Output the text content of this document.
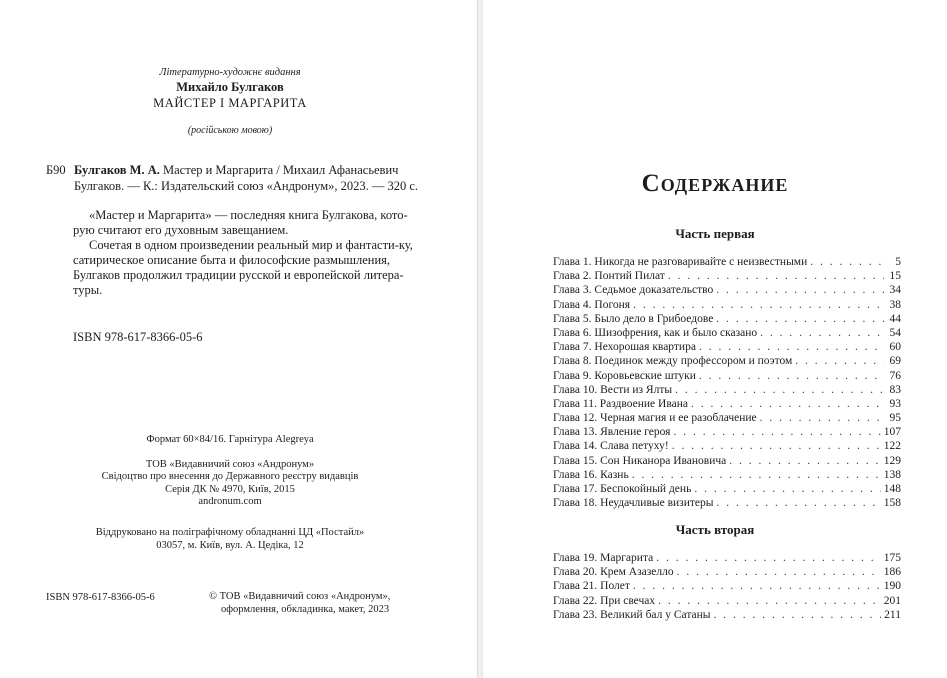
Літературно-художнє видання
Михайло Булгаков
МАЙСТЕР І МАРГАРИТА
(російською мовою)
Б90 Булгаков М. А. Мастер и Маргарита / Михаил Афанасьевич
Булгаков. — К.: Издательский союз «Андронум», 2023. — 320 с.
«Мастер и Маргарита» — последняя книга Булгакова, кото-рую считают его духовным завещанием.
Сочетая в одном произведении реальный мир и фантасти-ку, сатирическое описание быта и философские размышления, Булгаков продолжил традиции русской и европейской литера-туры.
ISBN 978-617-8366-05-6
Формат 60×84/16. Гарнітура Alegreya
ТОВ «Видавничий союз «Андронум»
Свідоцтво про внесення до Державного реєстру видавців
Серія ДК № 4970, Київ, 2015
andronum.com
Віддруковано на поліграфічному обладнанні ЦД «Постайл»
03057, м. Київ, вул. А. Цедіка, 12
ISBN 978-617-8366-05-6	© ТОВ «Видавничий союз «Андронум»,
оформлення, обкладинка, макет, 2023
Содержание
Часть первая
Глава 1. Никогда не разговаривайте с неизвестными . . .	5
Глава 2. Понтий Пилат . . .	15
Глава 3. Седьмое доказательство . . .	34
Глава 4. Погоня . . .	38
Глава 5. Было дело в Грибоедове . . .	44
Глава 6. Шизофрения, как и было сказано . . .	54
Глава 7. Нехорошая квартира . . .	60
Глава 8. Поединок между профессором и поэтом . . .	69
Глава 9. Коровьевские штуки . . .	76
Глава 10. Вести из Ялты . . .	83
Глава 11. Раздвоение Ивана . . .	93
Глава 12. Черная магия и ее разоблачение . . .	95
Глава 13. Явление героя . . .	107
Глава 14. Слава петуху! . . .	122
Глава 15. Сон Никанора Ивановича . . .	129
Глава 16. Казнь . . .	138
Глава 17. Беспокойный день . . .	148
Глава 18. Неудачливые визитеры . . .	158
Часть вторая
Глава 19. Маргарита . . .	175
Глава 20. Крем Азазелло . . .	186
Глава 21. Полет . . .	190
Глава 22. При свечах . . .	201
Глава 23. Великий бал у Сатаны . . .	211
